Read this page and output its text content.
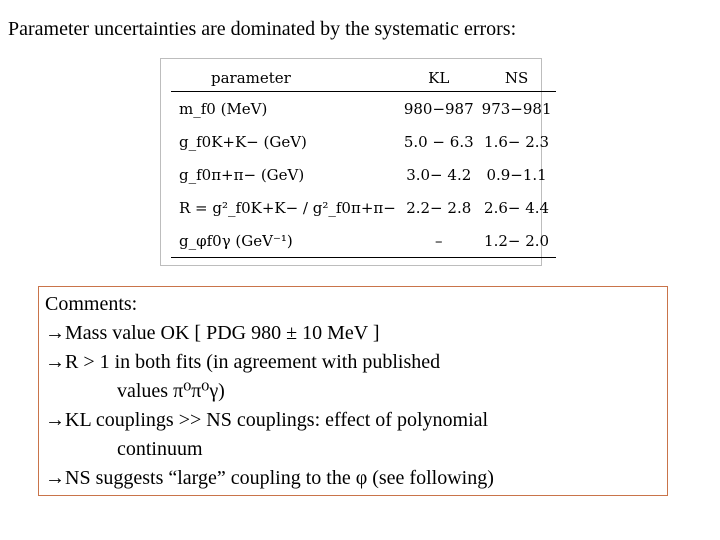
Parameter uncertainties are dominated by the systematic errors:
parameter	KL	NS
m_f0 (MeV)	980−987	973−981
g_f0K+K− (GeV)	5.0 − 6.3	1.6− 2.3
g_f0π+π− (GeV)	3.0− 4.2	0.9−1.1
R = g²_f0K+K− / g²_f0π+π−	2.2− 2.8	2.6− 4.4
g_φf0γ (GeV⁻¹)	–	1.2− 2.0
Comments:
→Mass value OK [ PDG 980 ± 10 MeV ]
→R > 1 in both fits (in agreement with published
values π⁰π⁰γ)
→KL couplings >> NS couplings: effect of polynomial
continuum
→NS suggests “large” coupling to the φ (see following)
